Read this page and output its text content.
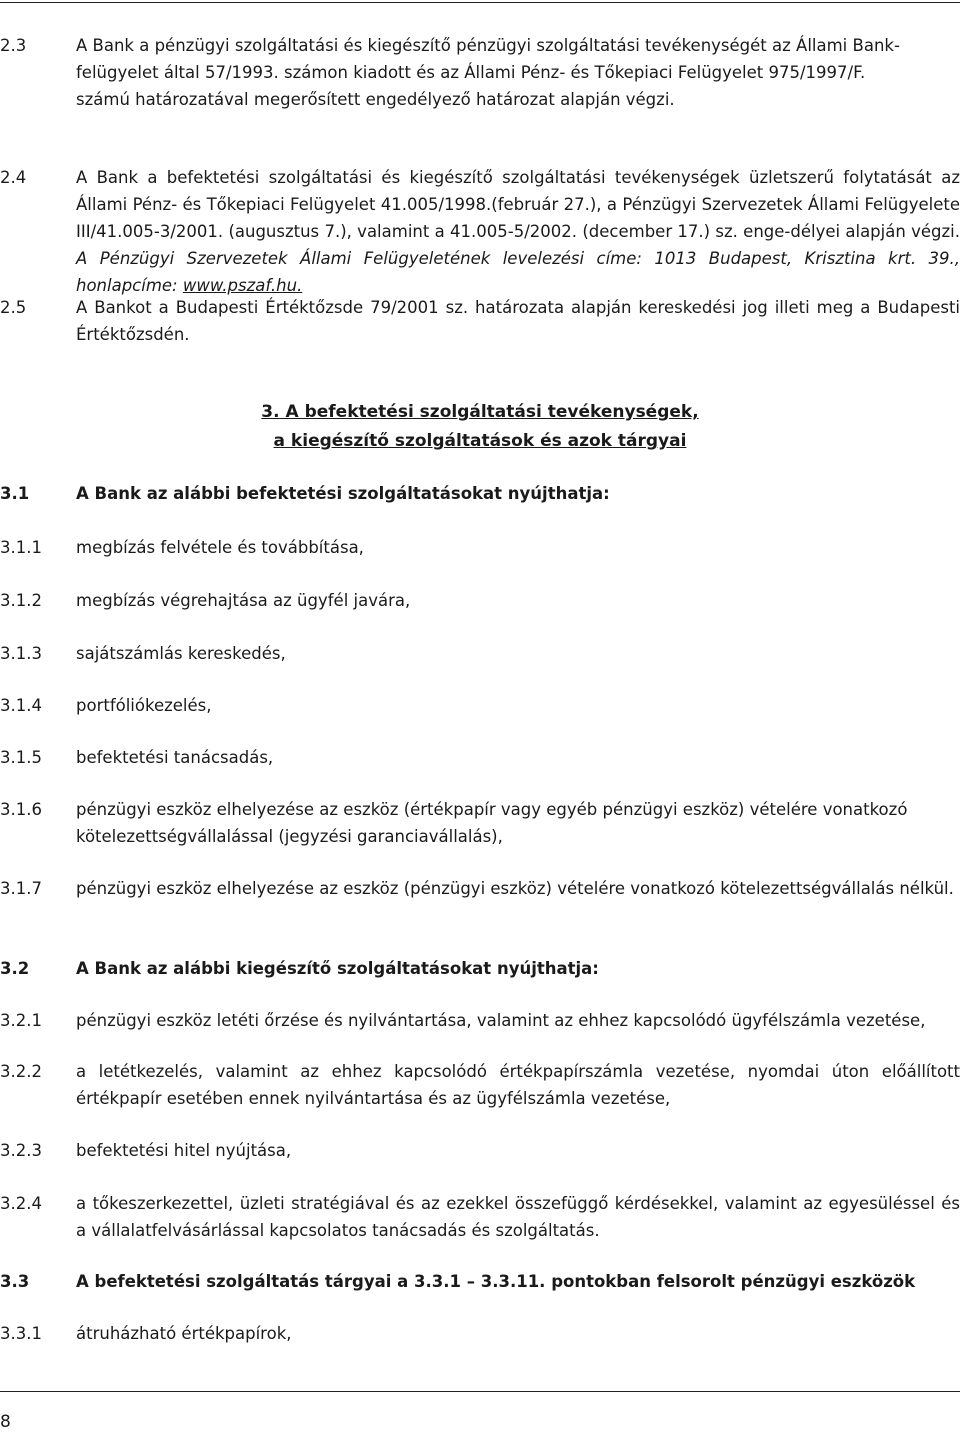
2.3	A Bank a pénzügyi szolgáltatási és kiegészítő pénzügyi szolgáltatási tevékenységét az Állami Bank-
felügyelet által 57/1993. számon kiadott és az Állami Pénz- és Tőkepiaci Felügyelet 975/1997/F.
számú határozatával megerősített engedélyező határozat alapján végzi.
2.4	A Bank a befektetési szolgáltatási és kiegészítő szolgáltatási tevékenységek üzletszerű folytatását az Állami Pénz- és Tőkepiaci Felügyelet 41.005/1998.(február 27.), a Pénzügyi Szervezetek Állami Felügyelete III/41.005-3/2001. (augusztus 7.), valamint a 41.005-5/2002. (december 17.) sz. enge-délyei alapján végzi. A Pénzügyi Szervezetek Állami Felügyeletének levelezési címe: 1013 Budapest, Krisztina krt. 39., honlapcíme: www.pszaf.hu.
2.5	A Bankot a Budapesti Értéktőzsde 79/2001 sz. határozata alapján kereskedési jog illeti meg a Budapesti Értéktőzsdén.
3. A befektetési szolgáltatási tevékenységek,
a kiegészítő szolgáltatások és azok tárgyai
3.1	A Bank az alábbi befektetési szolgáltatásokat nyújthatja:
3.1.1	megbízás felvétele és továbbítása,
3.1.2	megbízás végrehajtása az ügyfél javára,
3.1.3	sajátszámlás kereskedés,
3.1.4	portfóliókezelés,
3.1.5	befektetési tanácsadás,
3.1.6	pénzügyi eszköz elhelyezése az eszköz (értékpapír vagy egyéb pénzügyi eszköz) vételére vonatkozó kötelezettségvállalással (jegyzési garanciavállalás),
3.1.7	pénzügyi eszköz elhelyezése az eszköz (pénzügyi eszköz) vételére vonatkozó kötelezettségvállalás nélkül.
3.2	A Bank az alábbi kiegészítő szolgáltatásokat nyújthatja:
3.2.1	pénzügyi eszköz letéti őrzése és nyilvántartása, valamint az ehhez kapcsolódó ügyfélszámla vezetése,
3.2.2	a letétkezelés, valamint az ehhez kapcsolódó értékpapírszámla vezetése, nyomdai úton előállított értékpapír esetében ennek nyilvántartása és az ügyfélszámla vezetése,
3.2.3	befektetési hitel nyújtása,
3.2.4	a tőkeszerkezettel, üzleti stratégiával és az ezekkel összefüggő kérdésekkel, valamint az egyesüléssel és a vállalatfelvásárlással kapcsolatos tanácsadás és szolgáltatás.
3.3	A befektetési szolgáltatás tárgyai a 3.3.1 – 3.3.11. pontokban felsorolt pénzügyi eszközök
3.3.1	átruházható értékpapírok,
8
